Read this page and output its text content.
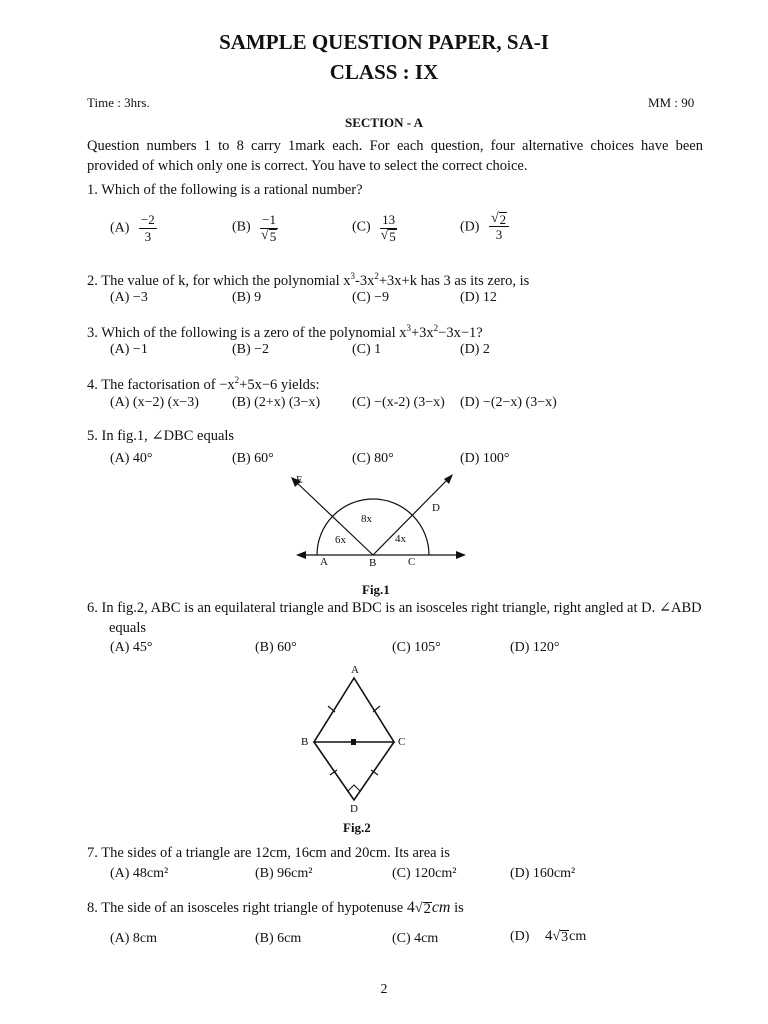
SAMPLE QUESTION PAPER, SA-I
CLASS : IX
Time : 3hrs.	MM : 90
SECTION - A
Question numbers 1 to 8 carry 1mark each. For each question, four alternative choices have been provided of which only one is correct. You have to select the correct choice.
1. Which of the following is a rational number?
$(A) \frac{-2}{3}$	$(B) \frac{-1}{√ 5}$	$(C) \frac{13}{√ 5}$	$(D) \frac{√ 2}{3}$
2. The value of k, for which the polynomial $x^3-3x^2+3x+k$ has 3 as its zero, is
(A) −3	(B) 9	(C) −9	(D) 12
3. Which of the following is a zero of the polynomial $x^3+3x^2-3x-1$?
(A) −1	(B) −2	(C) 1	(D) 2
4. The factorisation of $-x^2+5x-6$ yields:
(A) (x−2) (x−3) (B) (2+x) (3−x) (C) −(x-2) (3−x) (D) −(2−x) (3−x)
5. In fig.1, ∠DBC equals
(A) 40°	(B) 60°	(C) 80°	(D) 100°
E
D
A	B	C
6x
8x
4x
Fig.1
6. In fig.2, ABC is an equilateral triangle and BDC is an isosceles right triangle, right angled at D. ∠ABD
equals
(A) 45°	(B) 60°	(C) 105°	(D) 120°
A
B	C
D
Fig.2
7. The sides of a triangle are 12cm, 16cm and 20cm. Its area is
(A) 48cm²	(B) 96cm²	(C) 120cm²	(D) 160cm²
8. The side of an isosceles right triangle of hypotenuse 4 √ 2 cm is
(A) 8cm	(B) 6cm	(C) 4cm	(D) 4 √ 3 cm
2
